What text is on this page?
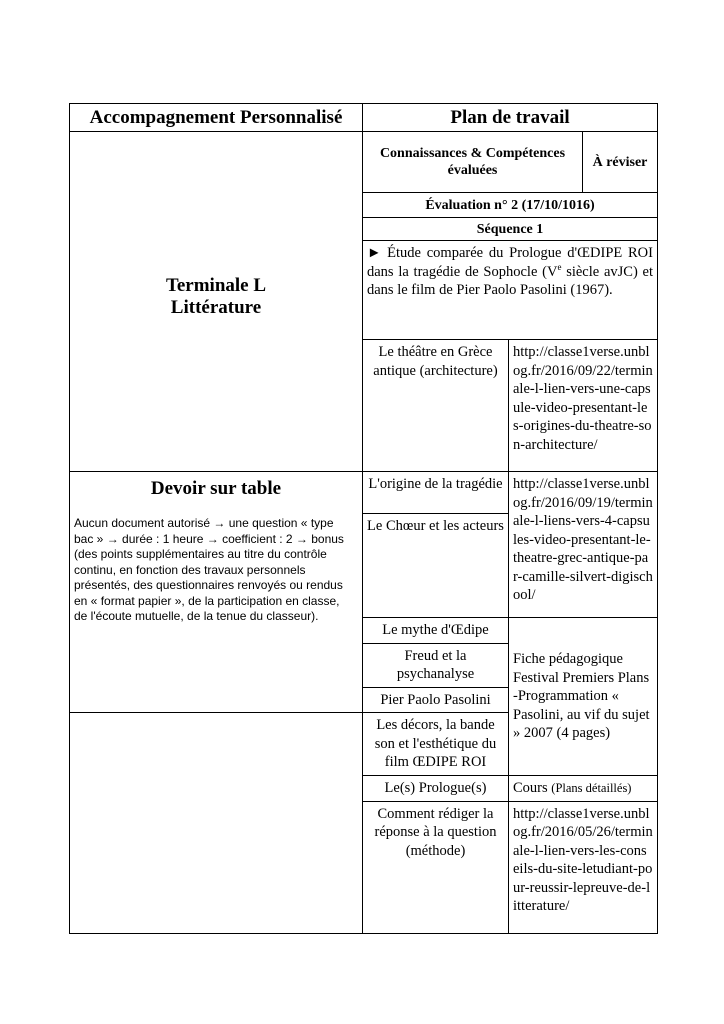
Accompagnement Personnalisé	Plan de travail		

Terminale L
Littérature	Connaissances & Compétences évaluées		À réviser
	Évaluation n° 2 (17/10/1016)		
	Séquence 1		
	► Étude comparée du Prologue d'ŒDIPE ROI dans la tragédie de Sophocle (Ve siècle avJC) et dans le film de Pier Paolo Pasolini (1967).		
	Le théâtre en Grèce antique (architecture)	http://classe1verse.unblog.fr/2016/09/22/terminale-l-lien-vers-une-capsule-video-presentant-les-origines-du-theatre-son-architecture/	

Devoir sur table
Aucun document autorisé → une question « type bac » → durée : 1 heure → coefficient : 2 → bonus (des points supplémentaires au titre du contrôle continu, en fonction des travaux personnels présentés, des questionnaires renvoyés ou rendus en « format papier », de la participation en classe, de l'écoute mutuelle, de la tenue du classeur).	L'origine de la tragédie	http://classe1verse.unblog.fr/2016/09/19/terminale-l-liens-vers-4-capsules-video-presentant-le-theatre-grec-antique-par-camille-silvert-digischool/	
	Le Chœur et les acteurs		
	Le mythe d'Œdipe	Fiche pédagogique Festival Premiers Plans -Programmation « Pasolini, au vif du sujet » 2007 (4 pages)	
	Freud et la psychanalyse		
	Pier Paolo Pasolini		
	Les décors, la bande son et l'esthétique du film ŒDIPE ROI		
	Le(s) Prologue(s)	Cours (Plans détaillés)	
	Comment rédiger la réponse à la question (méthode)	http://classe1verse.unblog.fr/2016/05/26/terminale-l-lien-vers-les-conseils-du-site-letudiant-pour-reussir-lepreuve-de-litterature/	
